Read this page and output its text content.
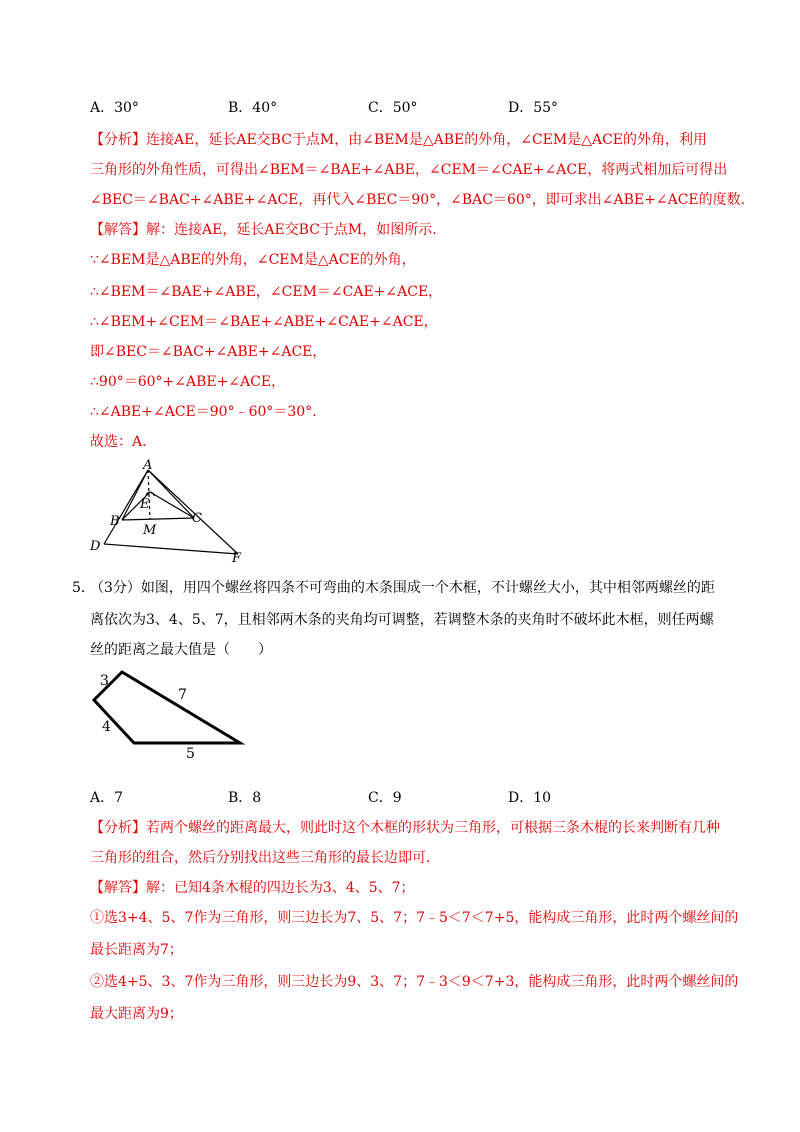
A．30°	B．40°	C．50°	D．55°
【分析】连接AE，延长AE交BC于点M，由∠BEM是△ABE的外角，∠CEM是△ACE的外角，利用
三角形的外角性质，可得出∠BEM＝∠BAE+∠ABE，∠CEM＝∠CAE+∠ACE，将两式相加后可得出
∠BEC＝∠BAC+∠ABE+∠ACE，再代入∠BEC＝90°，∠BAC＝60°，即可求出∠ABE+∠ACE的度数.
【解答】解：连接AE，延长AE交BC于点M，如图所示.
∵∠BEM是△ABE的外角，∠CEM是△ACE的外角，
∴∠BEM＝∠BAE+∠ABE，∠CEM＝∠CAE+∠ACE，
∴∠BEM+∠CEM＝∠BAE+∠ABE+∠CAE+∠ACE，
即∠BEC＝∠BAC+∠ABE+∠ACE，
∴90°＝60°+∠ABE+∠ACE，
∴∠ABE+∠ACE＝90°﹣60°＝30°.
故选：A.
A
E
B	C
M
D
F
5．
（3分）如图，用四个螺丝将四条不可弯曲的木条围成一个木框，不计螺丝大小，其中相邻两螺丝的距
离依次为3、4、5、7，且相邻两木条的夹角均可调整，若调整木条的夹角时不破坏此木框，则任两螺
丝的距离之最大值是（　　）
3
7
4
5
A．7	B．8	C．9	D．10
【分析】若两个螺丝的距离最大，则此时这个木框的形状为三角形，可根据三条木棍的长来判断有几种
三角形的组合，然后分别找出这些三角形的最长边即可.
【解答】解：已知4条木棍的四边长为3、4、5、7；
①选3+4、5、7作为三角形，则三边长为7、5、7；7﹣5＜7＜7+5，能构成三角形，此时两个螺丝间的
最长距离为7；
②选4+5、3、7作为三角形，则三边长为9、3、7；7﹣3＜9＜7+3，能构成三角形，此时两个螺丝间的
最大距离为9；
